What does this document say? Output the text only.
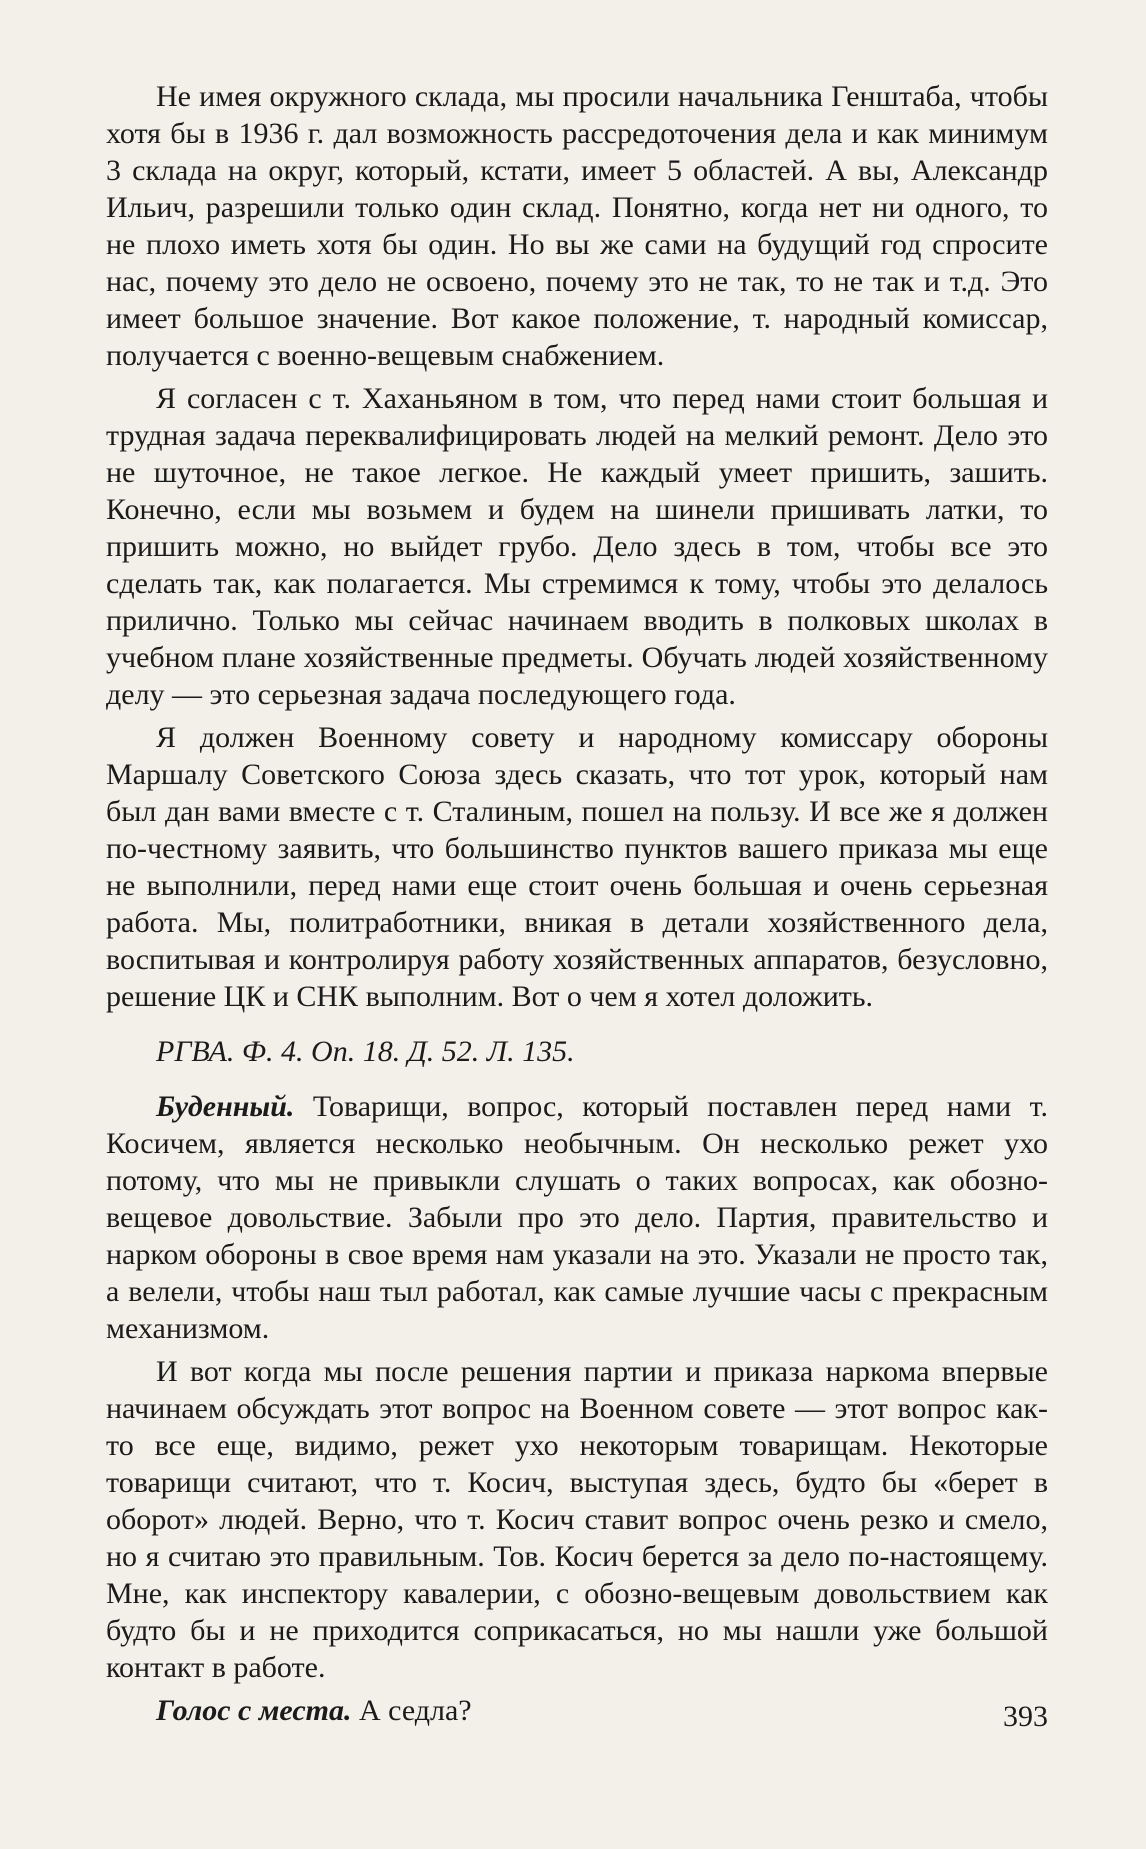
Не имея окружного склада, мы просили начальника Генштаба, чтобы хотя бы в 1936 г. дал возможность рассредоточения дела и как минимум 3 склада на округ, который, кстати, имеет 5 областей. А вы, Александр Ильич, разрешили только один склад. Понятно, когда нет ни одного, то не плохо иметь хотя бы один. Но вы же сами на будущий год спросите нас, почему это дело не освоено, почему это не так, то не так и т.д. Это имеет большое значение. Вот какое положение, т. народный комиссар, получается с военно-вещевым снабжением.

Я согласен с т. Хаханьяном в том, что перед нами стоит большая и трудная задача переквалифицировать людей на мелкий ремонт. Дело это не шуточное, не такое легкое. Не каждый умеет пришить, зашить. Конечно, если мы возьмем и будем на шинели пришивать латки, то пришить можно, но выйдет грубо. Дело здесь в том, чтобы все это сделать так, как полагается. Мы стремимся к тому, чтобы это делалось прилично. Только мы сейчас начинаем вводить в полковых школах в учебном плане хозяйственные предметы. Обучать людей хозяйственному делу — это серьезная задача последующего года.

Я должен Военному совету и народному комиссару обороны Маршалу Советского Союза здесь сказать, что тот урок, который нам был дан вами вместе с т. Сталиным, пошел на пользу. И все же я должен по-честному заявить, что большинство пунктов вашего приказа мы еще не выполнили, перед нами еще стоит очень большая и очень серьезная работа. Мы, политработники, вникая в детали хозяйственного дела, воспитывая и контролируя работу хозяйственных аппаратов, безусловно, решение ЦК и СНК выполним. Вот о чем я хотел доложить.

РГВА. Ф. 4. Оп. 18. Д. 52. Л. 135.

Буденный. Товарищи, вопрос, который поставлен перед нами т. Косичем, является несколько необычным. Он несколько режет ухо потому, что мы не привыкли слушать о таких вопросах, как обозно-вещевое довольствие. Забыли про это дело. Партия, правительство и нарком обороны в свое время нам указали на это. Указали не просто так, а велели, чтобы наш тыл работал, как самые лучшие часы с прекрасным механизмом.

И вот когда мы после решения партии и приказа наркома впервые начинаем обсуждать этот вопрос на Военном совете — этот вопрос как-то все еще, видимо, режет ухо некоторым товарищам. Некоторые товарищи считают, что т. Косич, выступая здесь, будто бы «берет в оборот» людей. Верно, что т. Косич ставит вопрос очень резко и смело, но я считаю это правильным. Тов. Косич берется за дело по-настоящему. Мне, как инспектору кавалерии, с обозно-вещевым довольствием как будто бы и не приходится соприкасаться, но мы нашли уже большой контакт в работе.

Голос с места. А седла?	393
